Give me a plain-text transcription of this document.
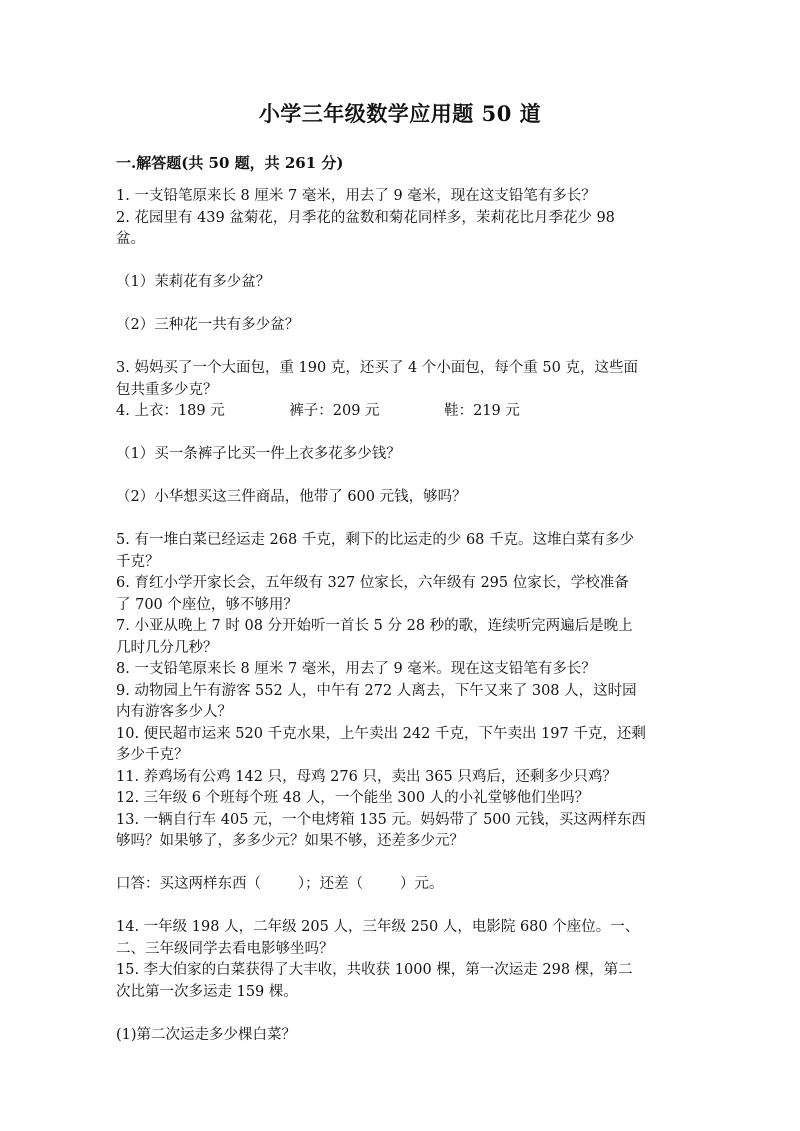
小学三年级数学应用题 50 道
一.解答题(共 50 题，共 261 分)

1. 一支铅笔原来长 8 厘米 7 毫米，用去了 9 毫米，现在这支铅笔有多长？

2. 花园里有 439 盆菊花，月季花的盆数和菊花同样多，茉莉花比月季花少 98

盆。

（1）茉莉花有多少盆？

（2）三种花一共有多少盆？

3. 妈妈买了一个大面包，重 190 克，还买了 4 个小面包，每个重 50 克，这些面

包共重多少克？

4. 上衣：189 元              裤子：209 元              鞋：219 元

（1）买一条裤子比买一件上衣多花多少钱？

（2）小华想买这三件商品，他带了 600 元钱，够吗？

5. 有一堆白菜已经运走 268 千克，剩下的比运走的少 68 千克。这堆白菜有多少

千克？

6. 育红小学开家长会，五年级有 327 位家长，六年级有 295 位家长，学校准备

了 700 个座位，够不够用？

7. 小亚从晚上 7 时 08 分开始听一首长 5 分 28 秒的歌，连续听完两遍后是晚上

几时几分几秒？

8. 一支铅笔原来长 8 厘米 7 毫米，用去了 9 毫米。现在这支铅笔有多长？

9. 动物园上午有游客 552 人，中午有 272 人离去，下午又来了 308 人，这时园

内有游客多少人？

10. 便民超市运来 520 千克水果，上午卖出 242 千克，下午卖出 197 千克，还剩

多少千克？

11. 养鸡场有公鸡 142 只，母鸡 276 只，卖出 365 只鸡后，还剩多少只鸡？

12. 三年级 6 个班每个班 48 人，一个能坐 300 人的小礼堂够他们坐吗？

13. 一辆自行车 405 元，一个电烤箱 135 元。妈妈带了 500 元钱，买这两样东西

够吗？如果够了，多多少元？如果不够，还差多少元？

口答：买这两样东西（        ）；还差（        ）元。

14. 一年级 198 人，二年级 205 人，三年级 250 人，电影院 680 个座位。一、

二、三年级同学去看电影够坐吗？

15. 李大伯家的白菜获得了大丰收，共收获 1000 棵，第一次运走 298 棵，第二

次比第一次多运走 159 棵。

(1)第二次运走多少棵白菜？
